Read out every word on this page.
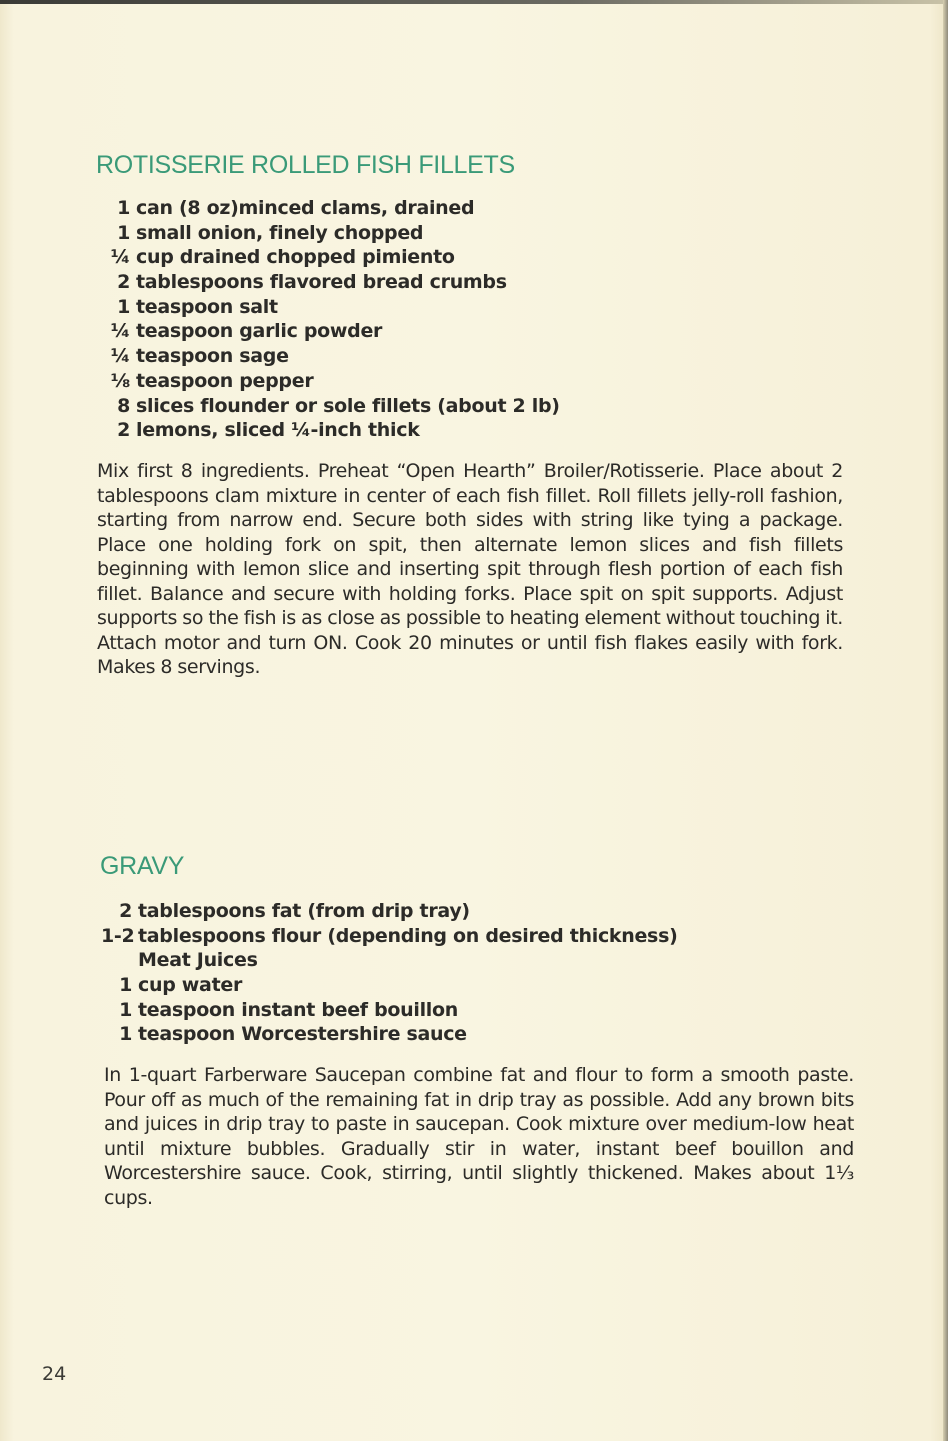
ROTISSERIE ROLLED FISH FILLETS
1 can (8 oz)minced clams, drained
1 small onion, finely chopped
¼ cup drained chopped pimiento
2 tablespoons flavored bread crumbs
1 teaspoon salt
¼ teaspoon garlic powder
¼ teaspoon sage
⅛ teaspoon pepper
8 slices flounder or sole fillets (about 2 lb)
2 lemons, sliced ¼-inch thick

Mix first 8 ingredients. Preheat “Open Hearth” Broiler/Rotisserie. Place about 2 tablespoons clam mixture in center of each fish fillet. Roll fillets jelly-roll fashion, starting from narrow end. Secure both sides with string like tying a package. Place one holding fork on spit, then alternate lemon slices and fish fillets beginning with lemon slice and inserting spit through flesh portion of each fish fillet. Balance and secure with holding forks. Place spit on spit supports. Adjust supports so the fish is as close as possible to heating element without touching it. Attach motor and turn ON. Cook 20 minutes or until fish flakes easily with fork. Makes 8 servings.

GRAVY
2 tablespoons fat (from drip tray)
1-2 tablespoons flour (depending on desired thickness)
Meat Juices
1 cup water
1 teaspoon instant beef bouillon
1 teaspoon Worcestershire sauce

In 1-quart Farberware Saucepan combine fat and flour to form a smooth paste. Pour off as much of the remaining fat in drip tray as possible. Add any brown bits and juices in drip tray to paste in saucepan. Cook mixture over medium-low heat until mixture bubbles. Gradually stir in water, instant beef bouillon and Worcestershire sauce. Cook, stirring, until slightly thickened. Makes about 1⅓ cups.

24
